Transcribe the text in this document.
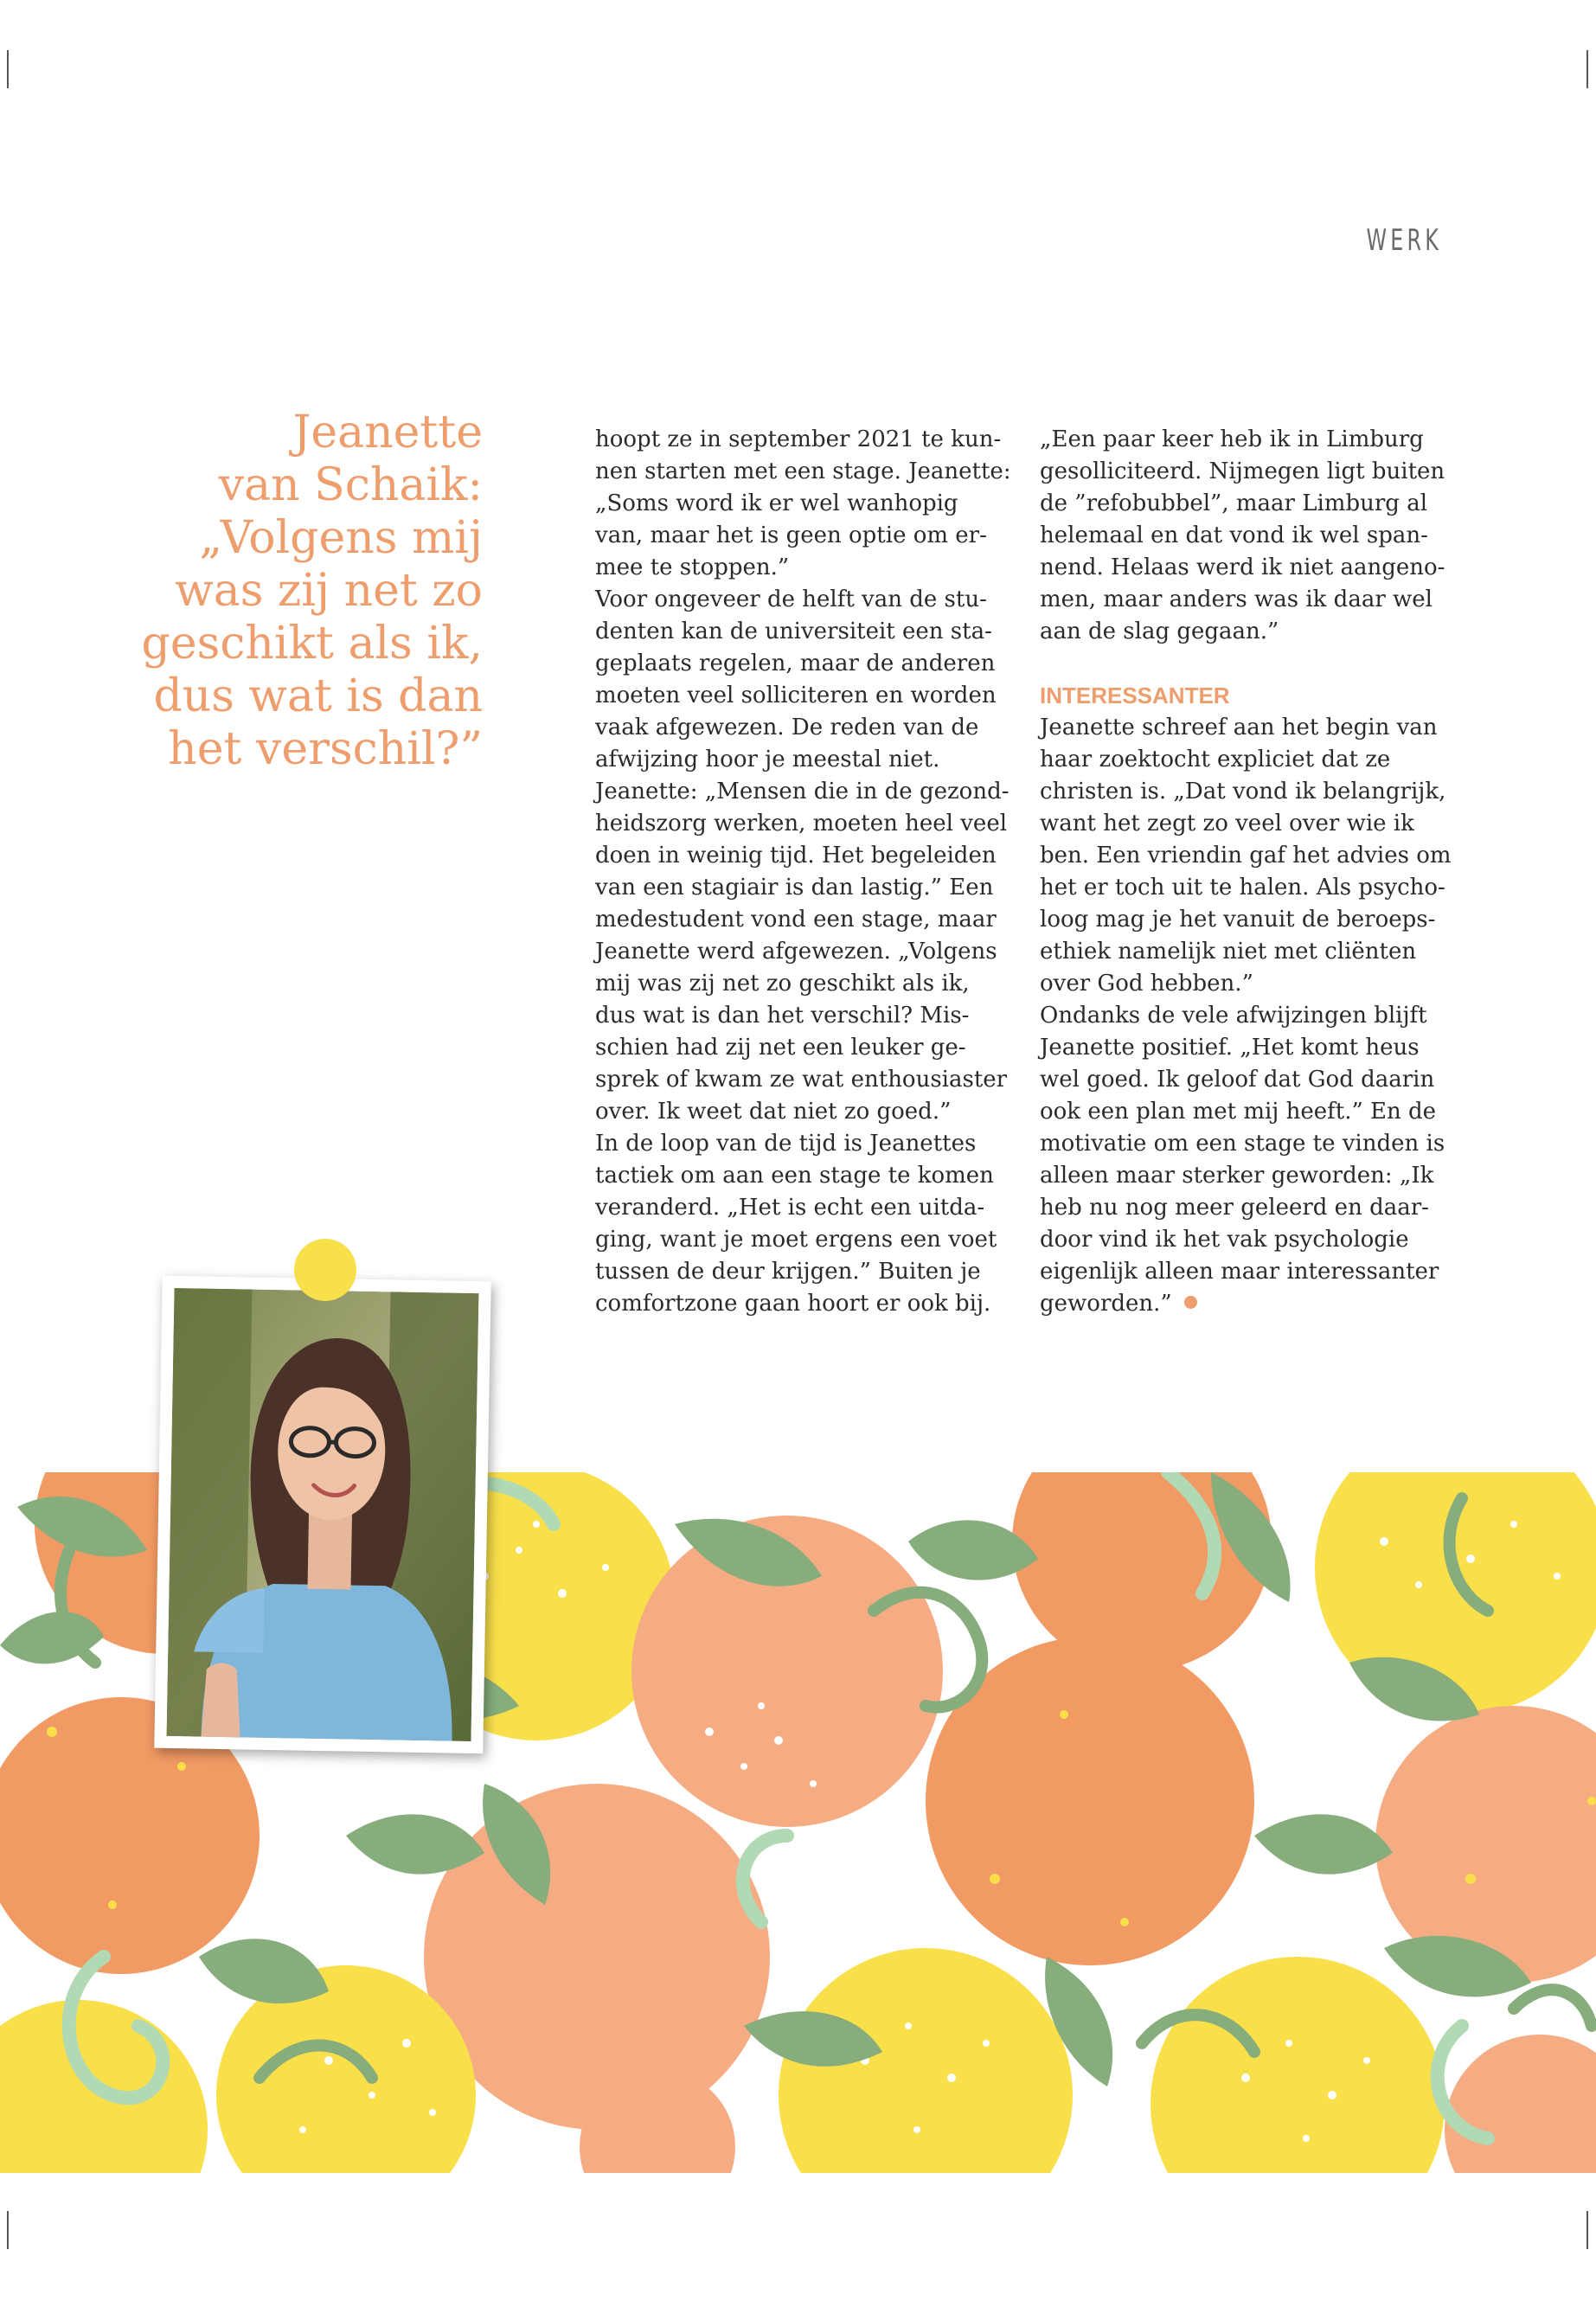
WERK
Jeanette
van Schaik:
„Volgens mij
was zij net zo
geschikt als ik,
dus wat is dan
het verschil?”

hoopt ze in september 2021 te kun-
nen starten met een stage. Jeanette:
„Soms word ik er wel wanhopig
van, maar het is geen optie om er-
mee te stoppen.”
Voor ongeveer de helft van de stu-
denten kan de universiteit een sta-
geplaats regelen, maar de anderen
moeten veel solliciteren en worden
vaak afgewezen. De reden van de
afwijzing hoor je meestal niet.
Jeanette: „Mensen die in de gezond-
heidszorg werken, moeten heel veel
doen in weinig tijd. Het begeleiden
van een stagiair is dan lastig.” Een
medestudent vond een stage, maar
Jeanette werd afgewezen. „Volgens
mij was zij net zo geschikt als ik,
dus wat is dan het verschil? Mis-
schien had zij net een leuker ge-
sprek of kwam ze wat enthousiaster
over. Ik weet dat niet zo goed.”
In de loop van de tijd is Jeanettes
tactiek om aan een stage te komen
veranderd. „Het is echt een uitda-
ging, want je moet ergens een voet
tussen de deur krijgen.” Buiten je
comfortzone gaan hoort er ook bij.

„Een paar keer heb ik in Limburg
gesolliciteerd. Nijmegen ligt buiten
de ”refobubbel”, maar Limburg al
helemaal en dat vond ik wel span-
nend. Helaas werd ik niet aangeno-
men, maar anders was ik daar wel
aan de slag gegaan.”

INTERESSANTER

Jeanette schreef aan het begin van
haar zoektocht expliciet dat ze
christen is. „Dat vond ik belangrijk,
want het zegt zo veel over wie ik
ben. Een vriendin gaf het advies om
het er toch uit te halen. Als psycho-
loog mag je het vanuit de beroeps-
ethiek namelijk niet met cliënten
over God hebben.”
Ondanks de vele afwijzingen blijft
Jeanette positief. „Het komt heus
wel goed. Ik geloof dat God daarin
ook een plan met mij heeft.” En de
motivatie om een stage te vinden is
alleen maar sterker geworden: „Ik
heb nu nog meer geleerd en daar-
door vind ik het vak psychologie
eigenlijk alleen maar interessanter
geworden.”
